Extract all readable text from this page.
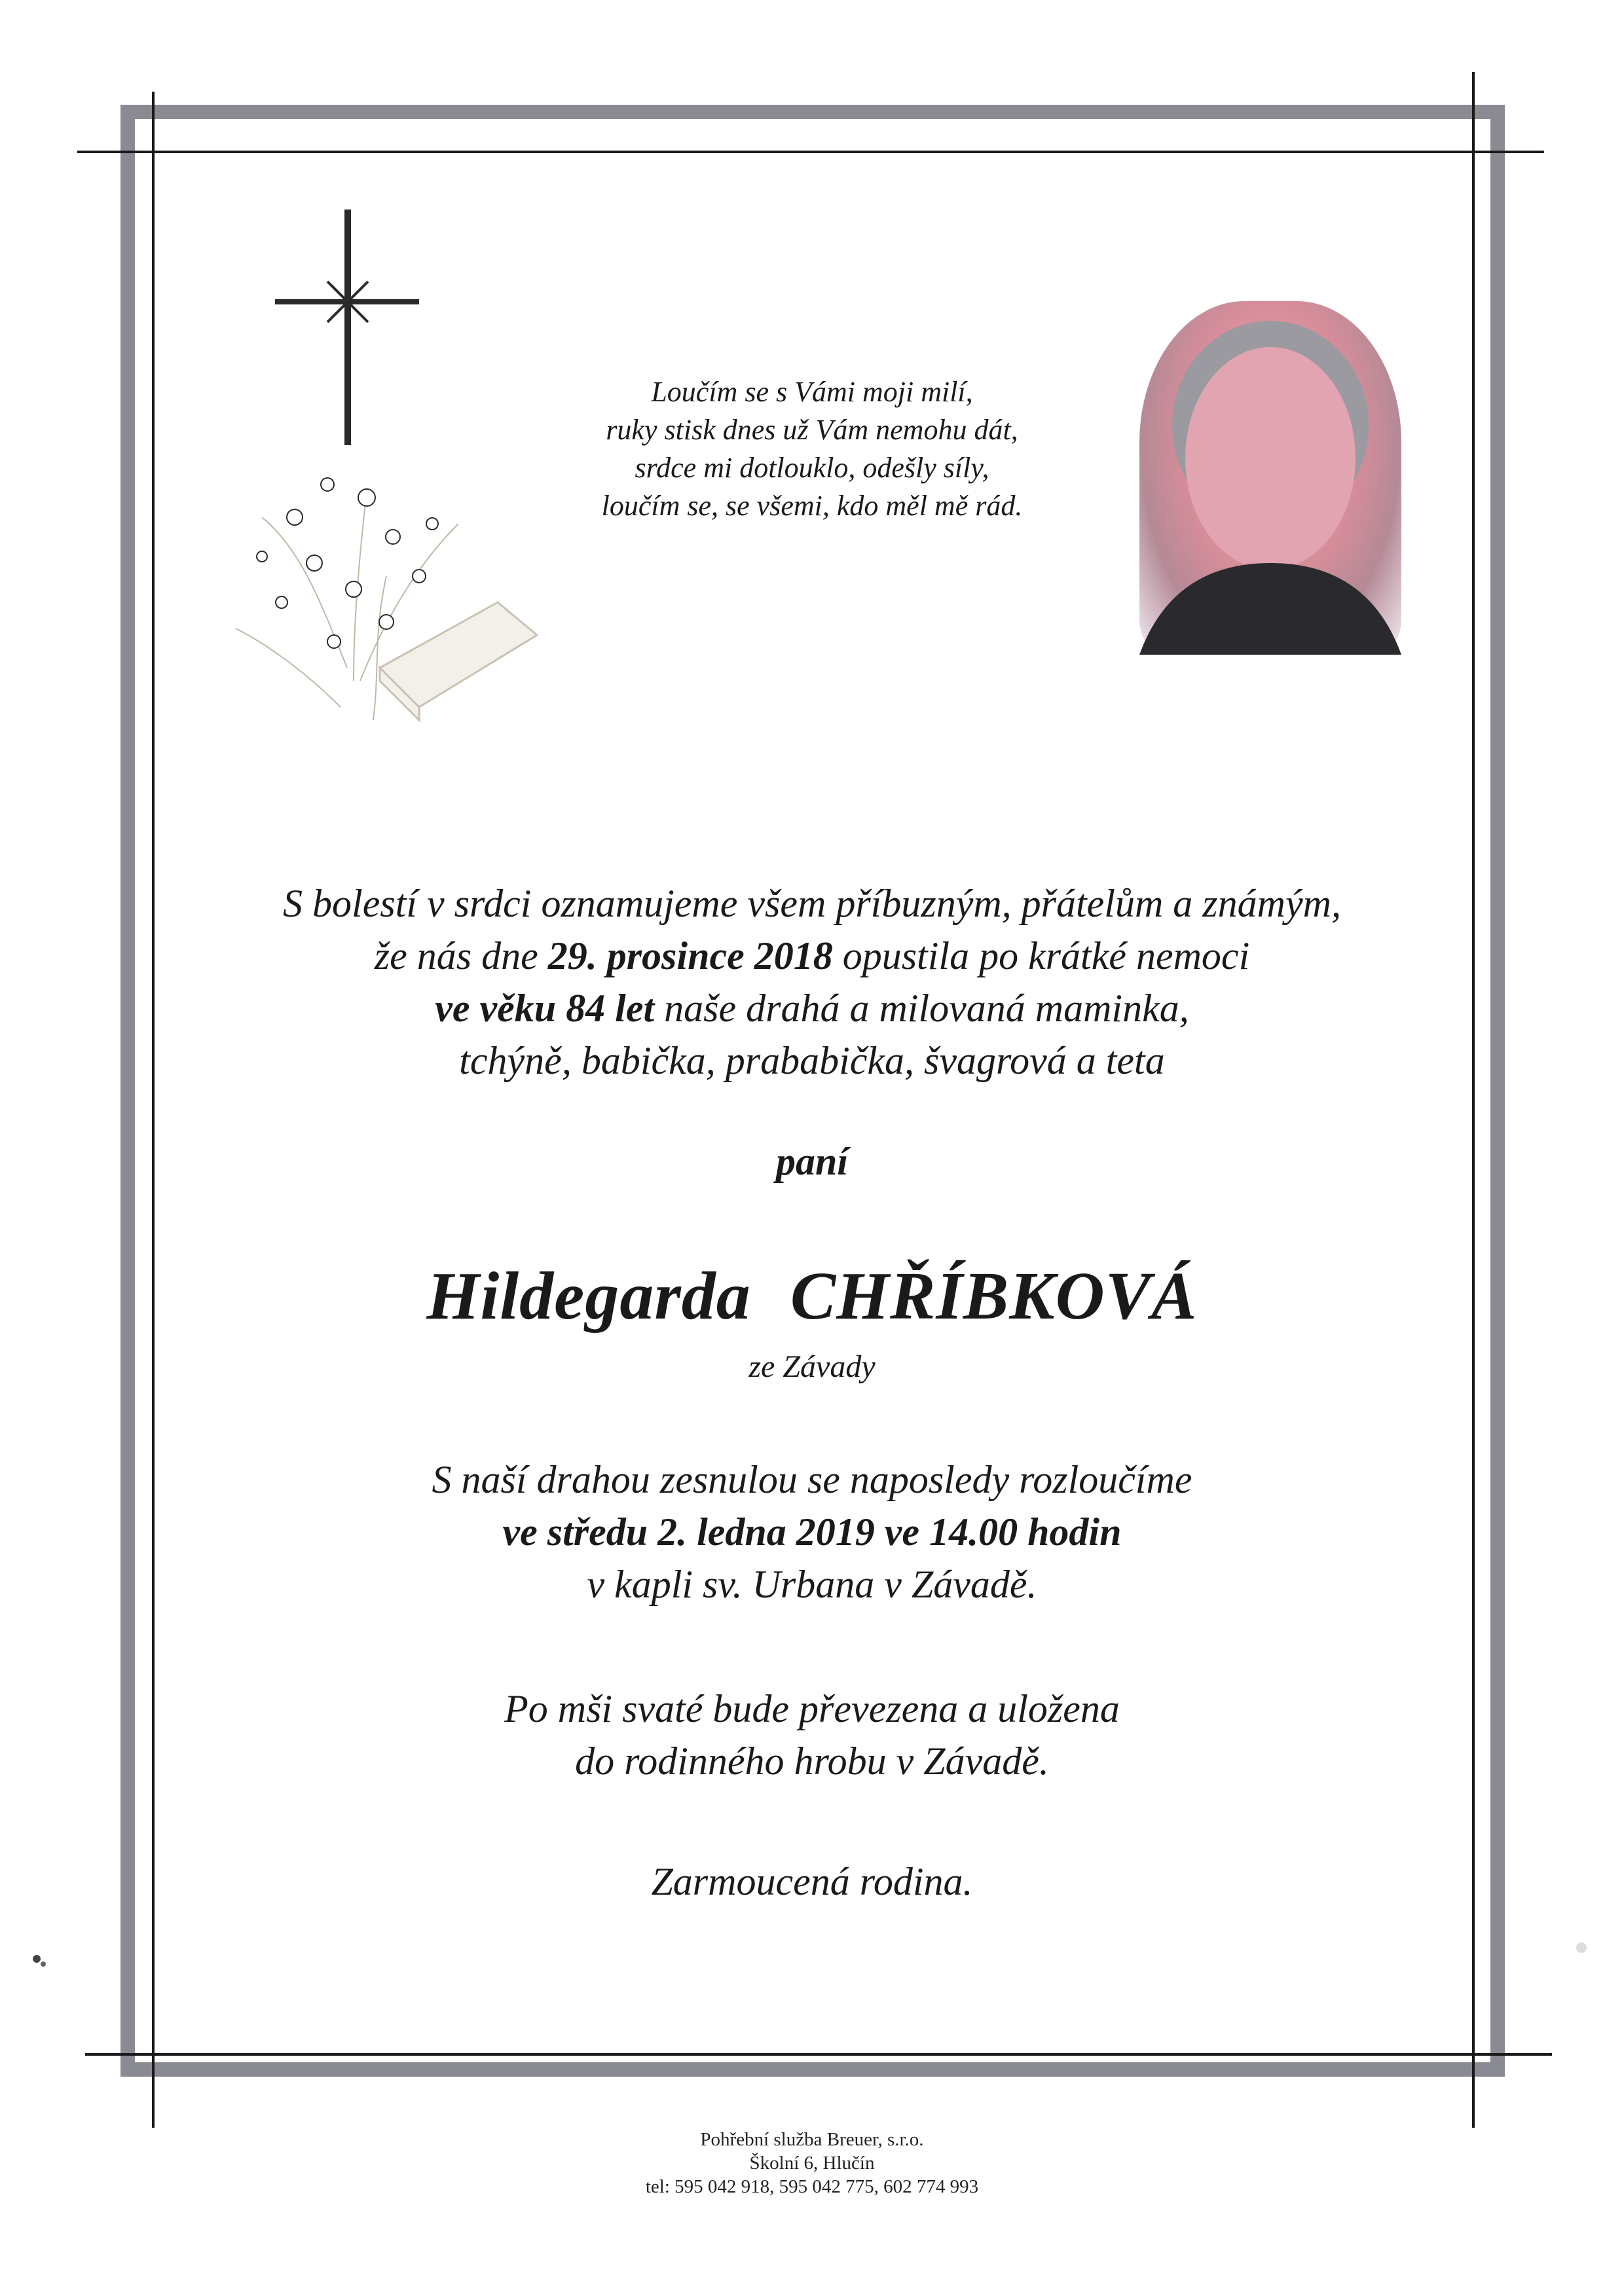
Loučím se s Vámi moji milí,
ruky stisk dnes už Vám nemohu dát,
srdce mi dotlouklo, odešly síly,
loučím se, se všemi, kdo měl mě rád.
S bolestí v srdci oznamujeme všem příbuzným, přátelům a známým,
že nás dne 29. prosince 2018 opustila po krátké nemoci
ve věku 84 let naše drahá a milovaná maminka,
tchýně, babička, prababička, švagrová a teta
paní
Hildegarda CHŘÍBKOVÁ
ze Závady
S naší drahou zesnulou se naposledy rozloučíme
ve středu 2. ledna 2019 ve 14.00 hodin
v kapli sv. Urbana v Závadě.
Po mši svaté bude převezena a uložena
do rodinného hrobu v Závadě.
Zarmoucená rodina.
Pohřební služba Breuer, s.r.o.
Školní 6, Hlučín
tel: 595 042 918, 595 042 775, 602 774 993
